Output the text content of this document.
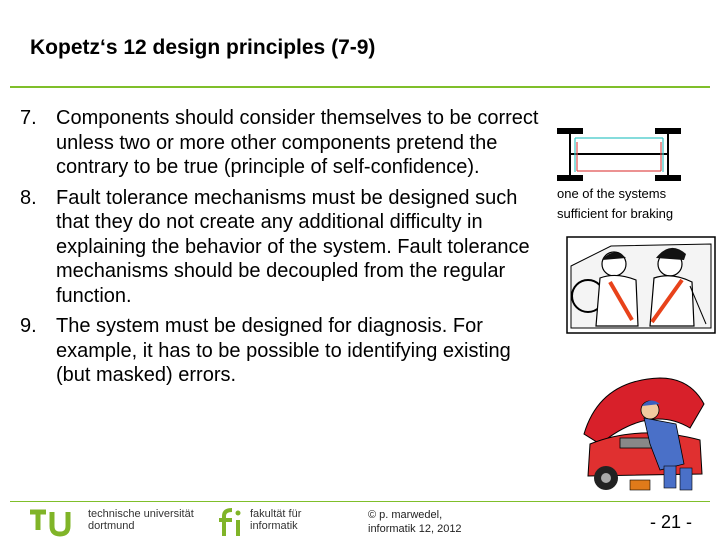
Kopetz‘s 12 design principles (7-9)
7. Components should consider themselves to be correct unless two or more other components pretend the contrary to be true (principle of self-confidence).
8. Fault tolerance mechanisms must be designed such that they do not create any additional difficulty in explaining the behavior of the system. Fault tolerance mechanisms should be decoupled from the regular function.
9. The system must be designed for diagnosis. For example, it has to be possible to identifying existing (but masked) errors.
one of the systems
sufficient for braking
technische universität
dortmund
fakultät für
informatik
© p. marwedel,
informatik 12, 2012	- 21 -
